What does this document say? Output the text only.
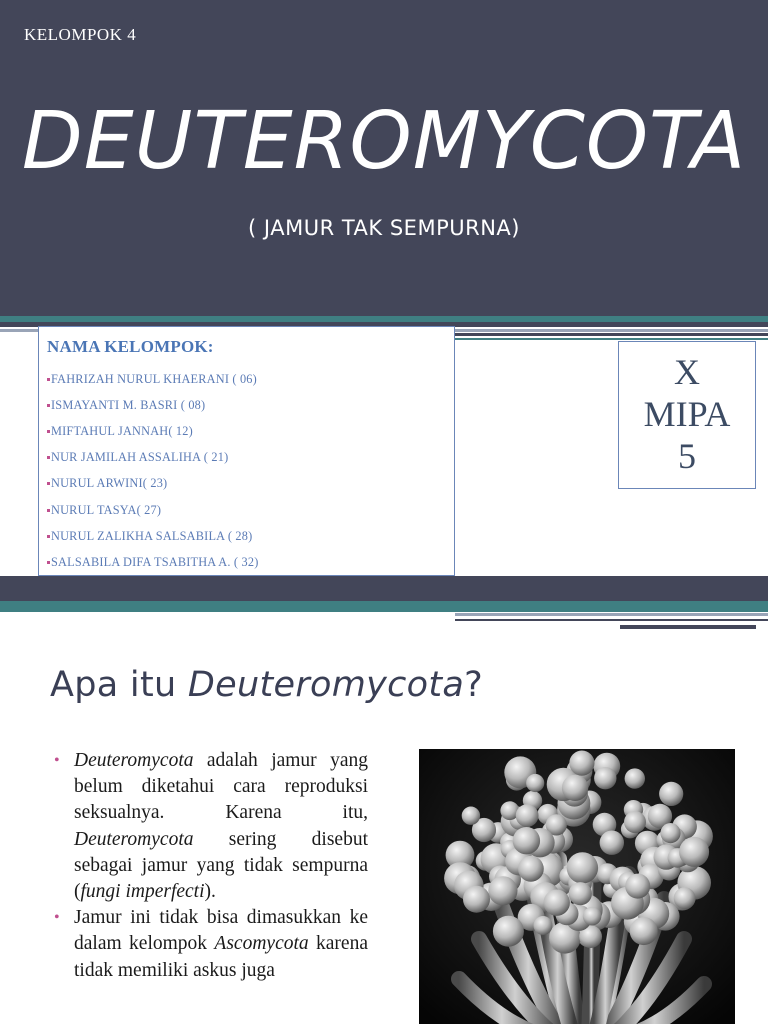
KELOMPOK 4
DEUTEROMYCOTA
( JAMUR TAK SEMPURNA)
NAMA KELOMPOK:
FAHRIZAH NURUL KHAERANI ( 06)
ISMAYANTI M. BASRI ( 08)
MIFTAHUL JANNAH( 12)
NUR JAMILAH ASSALIHA ( 21)
NURUL ARWINI( 23)
NURUL TASYA( 27)
NURUL ZALIKHA SALSABILA ( 28)
SALSABILA DIFA TSABITHA A. ( 32)
X
MIPA
5
Apa itu Deuteromycota?

• Deuteromycota adalah jamur yang belum diketahui cara reproduksi seksualnya. Karena itu, Deuteromycota sering disebut sebagai jamur yang tidak sempurna (fungi imperfecti).

• Jamur ini tidak bisa dimasukkan ke dalam kelompok Ascomycota karena tidak memiliki askus juga
